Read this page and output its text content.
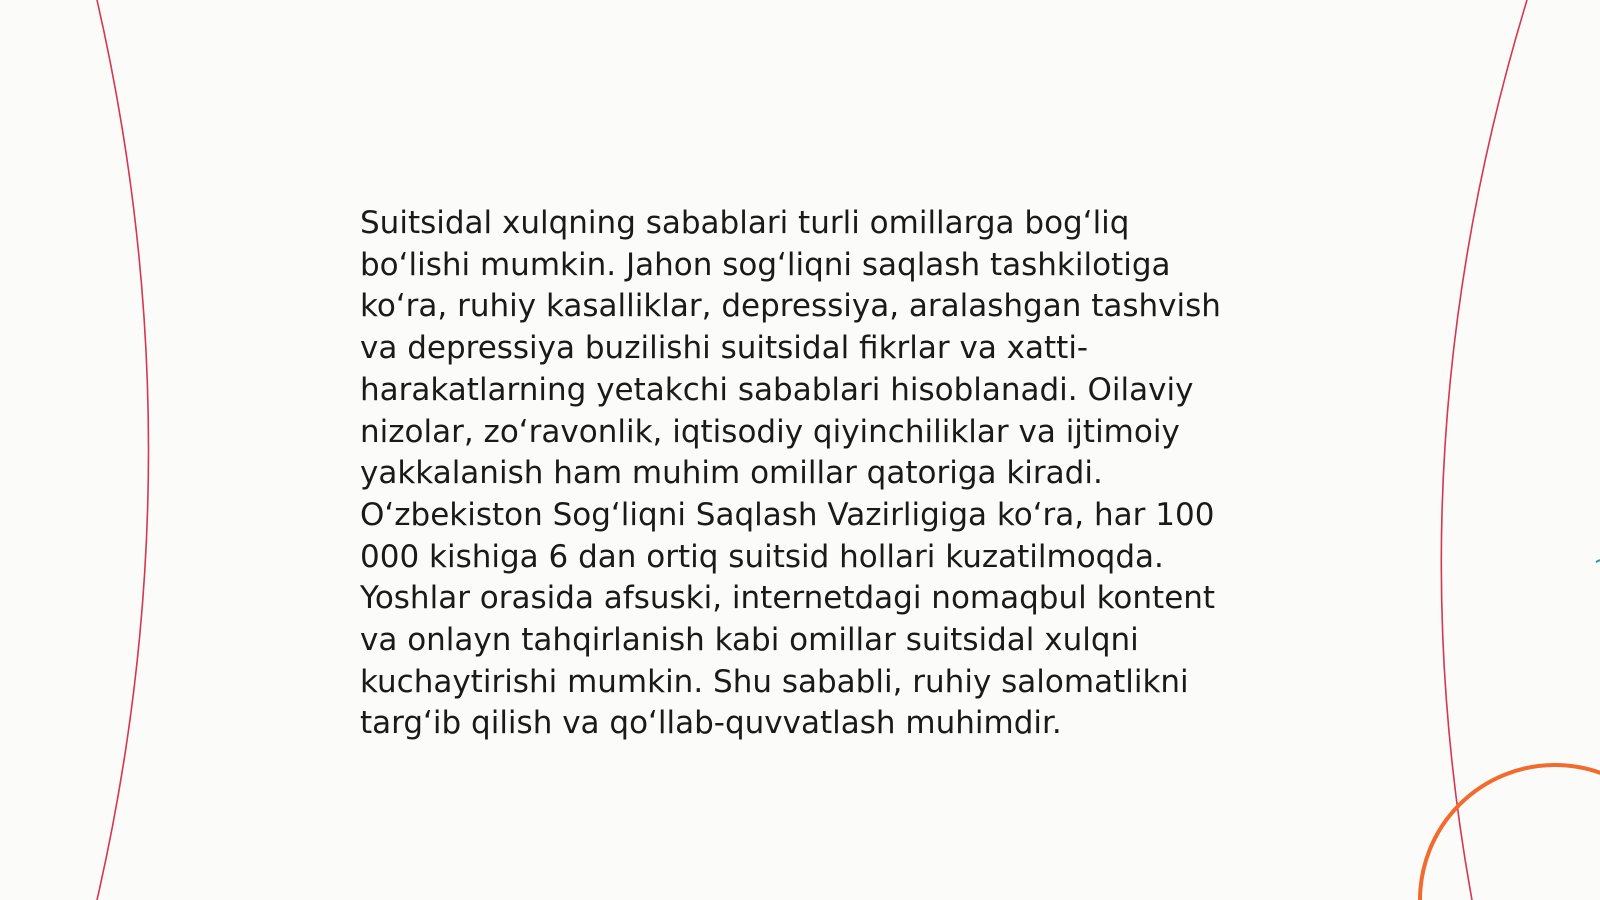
Suitsidal xulqning sabablari turli omillarga bog‘liq bo‘lishi mumkin. Jahon sog‘liqni saqlash tashkilotiga ko‘ra, ruhiy kasalliklar, depressiya, aralashgan tashvish va depressiya buzilishi suitsidal fikrlar va xatti-harakatlarning yetakchi sabablari hisoblanadi. Oilaviy nizolar, zo‘ravonlik, iqtisodiy qiyinchiliklar va ijtimoiy yakkalanish ham muhim omillar qatoriga kiradi. O‘zbekiston Sog‘liqni Saqlash Vazirligiga ko‘ra, har 100 000 kishiga 6 dan ortiq suitsid hollari kuzatilmoqda. Yoshlar orasida afsuski, internetdagi nomaqbul kontent va onlayn tahqirlanish kabi omillar suitsidal xulqni kuchaytirishi mumkin. Shu sababli, ruhiy salomatlikni targ‘ib qilish va qo‘llab-quvvatlash muhimdir.
